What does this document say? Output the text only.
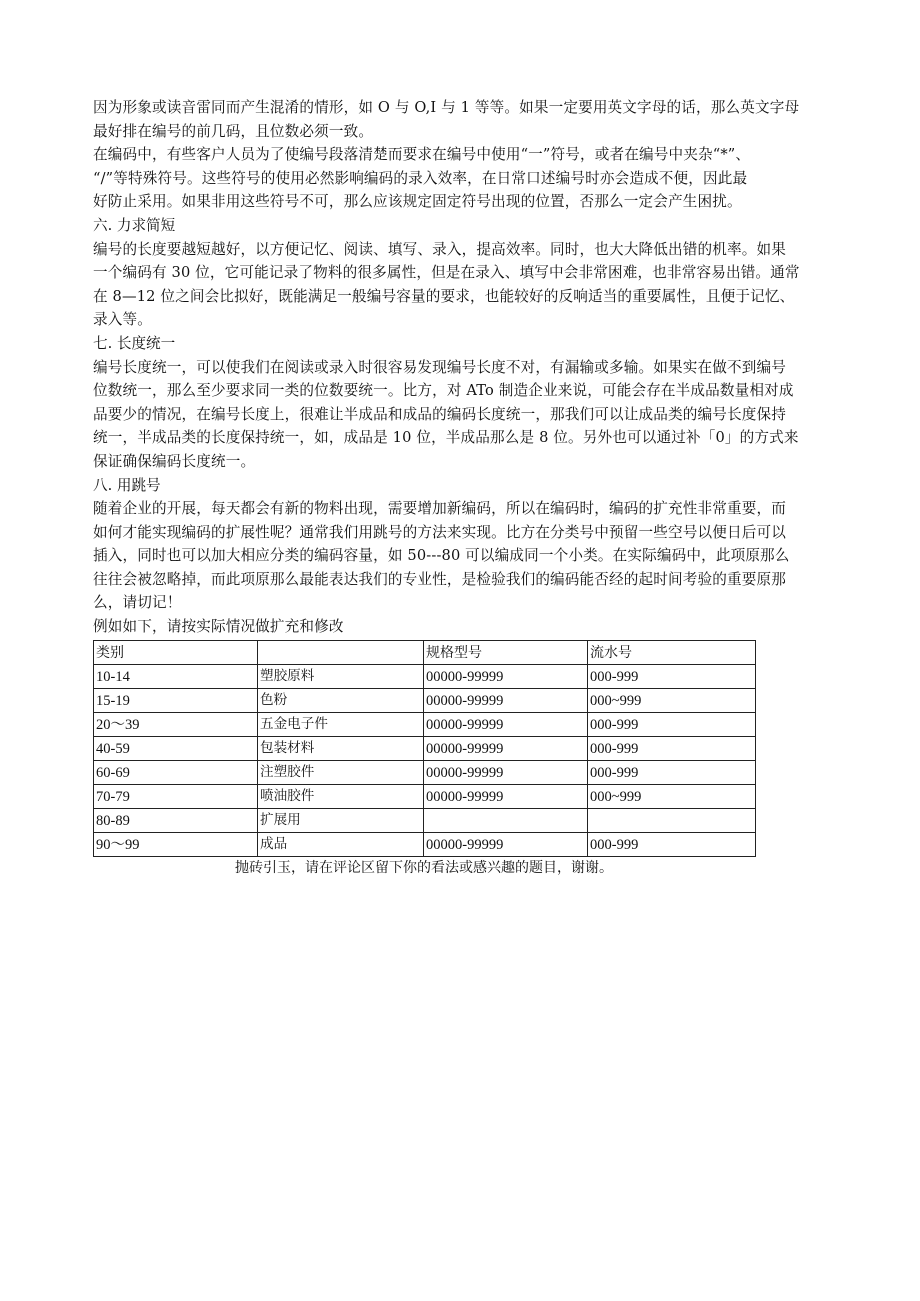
因为形象或读音雷同而产生混淆的情形，如 O 与 O,I 与 1 等等。如果一定要用英文字母的话，那么英文字母
最好排在编号的前几码，且位数必须一致。
在编码中，有些客户人员为了使编号段落清楚而要求在编号中使用“一”符号，或者在编号中夹杂“*”、
“/”等特殊符号。这些符号的使用必然影响编码的录入效率，在日常口述编号时亦会造成不便，因此最
好防止采用。如果非用这些符号不可，那么应该规定固定符号出现的位置，否那么一定会产生困扰。
六. 力求简短
编号的长度要越短越好，以方便记忆、阅读、填写、录入，提高效率。同时，也大大降低出错的机率。如果
一个编码有 30 位，它可能记录了物料的很多属性，但是在录入、填写中会非常困难，也非常容易出错。通常
在 8—12 位之间会比拟好，既能满足一般编号容量的要求，也能较好的反响适当的重要属性，且便于记忆、
录入等。
七. 长度统一
编号长度统一，可以使我们在阅读或录入时很容易发现编号长度不对，有漏输或多输。如果实在做不到编号
位数统一，那么至少要求同一类的位数要统一。比方，对 ATo 制造企业来说，可能会存在半成品数量相对成
品要少的情况，在编号长度上，很难让半成品和成品的编码长度统一，那我们可以让成品类的编号长度保持
统一，半成品类的长度保持统一，如，成品是 10 位，半成品那么是 8 位。另外也可以通过补「0」的方式来
保证确保编码长度统一。
八. 用跳号
随着企业的开展，每天都会有新的物料出现，需要增加新编码，所以在编码时，编码的扩充性非常重要，而
如何才能实现编码的扩展性呢？通常我们用跳号的方法来实现。比方在分类号中预留一些空号以便日后可以
插入，同时也可以加大相应分类的编码容量，如 50---80 可以编成同一个小类。在实际编码中，此项原那么
往往会被忽略掉，而此项原那么最能表达我们的专业性，是检验我们的编码能否经的起时间考验的重要原那
么，请切记！
例如如下，请按实际情况做扩充和修改
类别		规格型号	流水号
10-14	塑胶原料	00000-99999	000-999
15-19	色粉	00000-99999	000~999
20～39	五金电子件	00000-99999	000-999
40-59	包装材料	00000-99999	000-999
60-69	注塑胶件	00000-99999	000-999
70-79	喷油胶件	00000-99999	000~999
80-89	扩展用		
90～99	成品	00000-99999	000-999
抛砖引玉，请在评论区留下你的看法或感兴趣的题目，谢谢。
